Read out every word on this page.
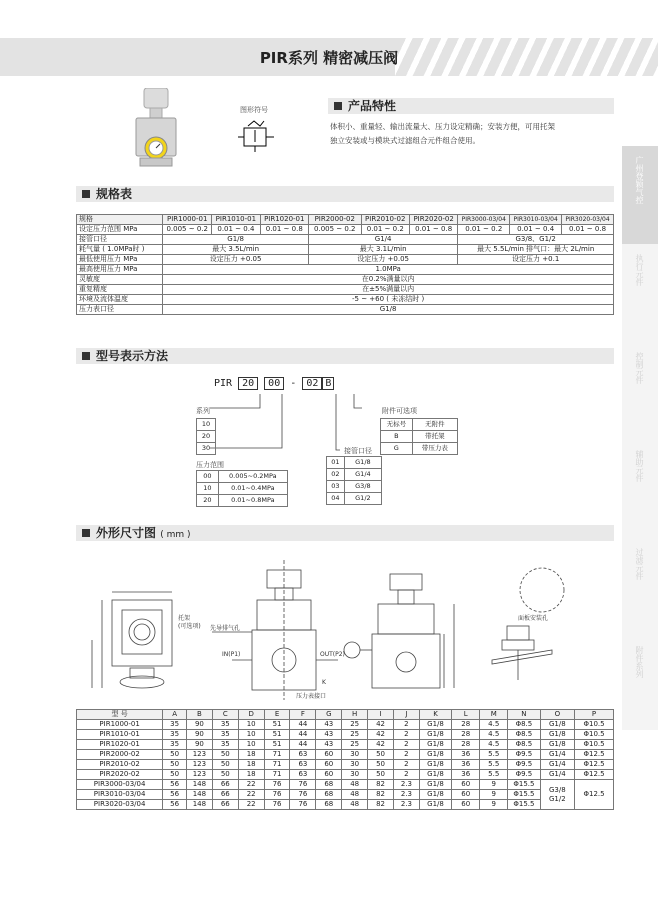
PIR系列 精密减压阀
图形符号	产品特性
体积小、重量轻、输出流量大、压力设定精确；安装方便，可用托架
独立安装或与模块式过滤组合元件组合使用。
规格表
规格	PIR1000-01	PIR1010-01	PIR1020-01	PIR2000-02	PIR2010-02	PIR2020-02	PIR3000-03/04	PIR3010-03/04	PIR3020-03/04
设定压力范围 MPa	0.005 ~ 0.2	0.01 ~ 0.4	0.01 ~ 0.8	0.005 ~ 0.2	0.01 ~ 0.2	0.01 ~ 0.8	0.01 ~ 0.2	0.01 ~ 0.4	0.01 ~ 0.8
接管口径	G1/8			G1/4			G3/8、G1/2		
耗气量 ( 1.0MPa时 )	最大 3.5L/min			最大 3.1L/min			最大 5.5L/min 排气口：最大 2L/min		
最低使用压力 MPa	设定压力 +0.05			设定压力 +0.05			设定压力 +0.1		
最高使用压力 MPa	1.0MPa								
灵敏度	在0.2%满量以内								
重复精度	在±5%满量以内								
环境及流体温度	-5 ~ +60 ( 未冻结时 )								
压力表口径	G1/8								
型号表示方法
PIR 20 00 - 02 B
系列
10
20
30
压力范围
00	0.005~0.2MPa
10	0.01~0.4MPa
20	0.01~0.8MPa
接管口径
01	G1/8
02	G1/4
03	G3/8
04	G1/2
附件可选项
无标号	无附件
B	带托架
G	带压力表
外形尺寸图 ( mm )
托架
(可选项) 先导排气孔
IN(P1)	OUT(P2)
压力表接口
K
面板安装孔
型 号	A	B	C	D	E	F	G	H	I	J	K	L	M	N	O	P
PIR1000-01	35	90	35	10	51	44	43	25	42	2	G1/8	28	4.5	Φ8.5	G1/8	Φ10.5
PIR1010-01	35	90	35	10	51	44	43	25	42	2	G1/8	28	4.5	Φ8.5	G1/8	Φ10.5
PIR1020-01	35	90	35	10	51	44	43	25	42	2	G1/8	28	4.5	Φ8.5	G1/8	Φ10.5
PIR2000-02	50	123	50	18	71	63	60	30	50	2	G1/8	36	5.5	Φ9.5	G1/4	Φ12.5
PIR2010-02	50	123	50	18	71	63	60	30	50	2	G1/8	36	5.5	Φ9.5	G1/4	Φ12.5
PIR2020-02	50	123	50	18	71	63	60	30	50	2	G1/8	36	5.5	Φ9.5	G1/4	Φ12.5
PIR3000-03/04	56	148	66	22	76	76	68	48	82	2.3	G1/8	60	9	Φ15.5	G3/8 G1/2	Φ12.5
PIR3010-03/04	56	148	66	22	76	76	68	48	82	2.3	G1/8	60	9	Φ15.5		
PIR3020-03/04	56	148	66	22	76	76	68	48	82	2.3	G1/8	60	9	Φ15.5		
广州登颖气控
执行元件
控制元件
辅助元件
过滤元件
附件系列
